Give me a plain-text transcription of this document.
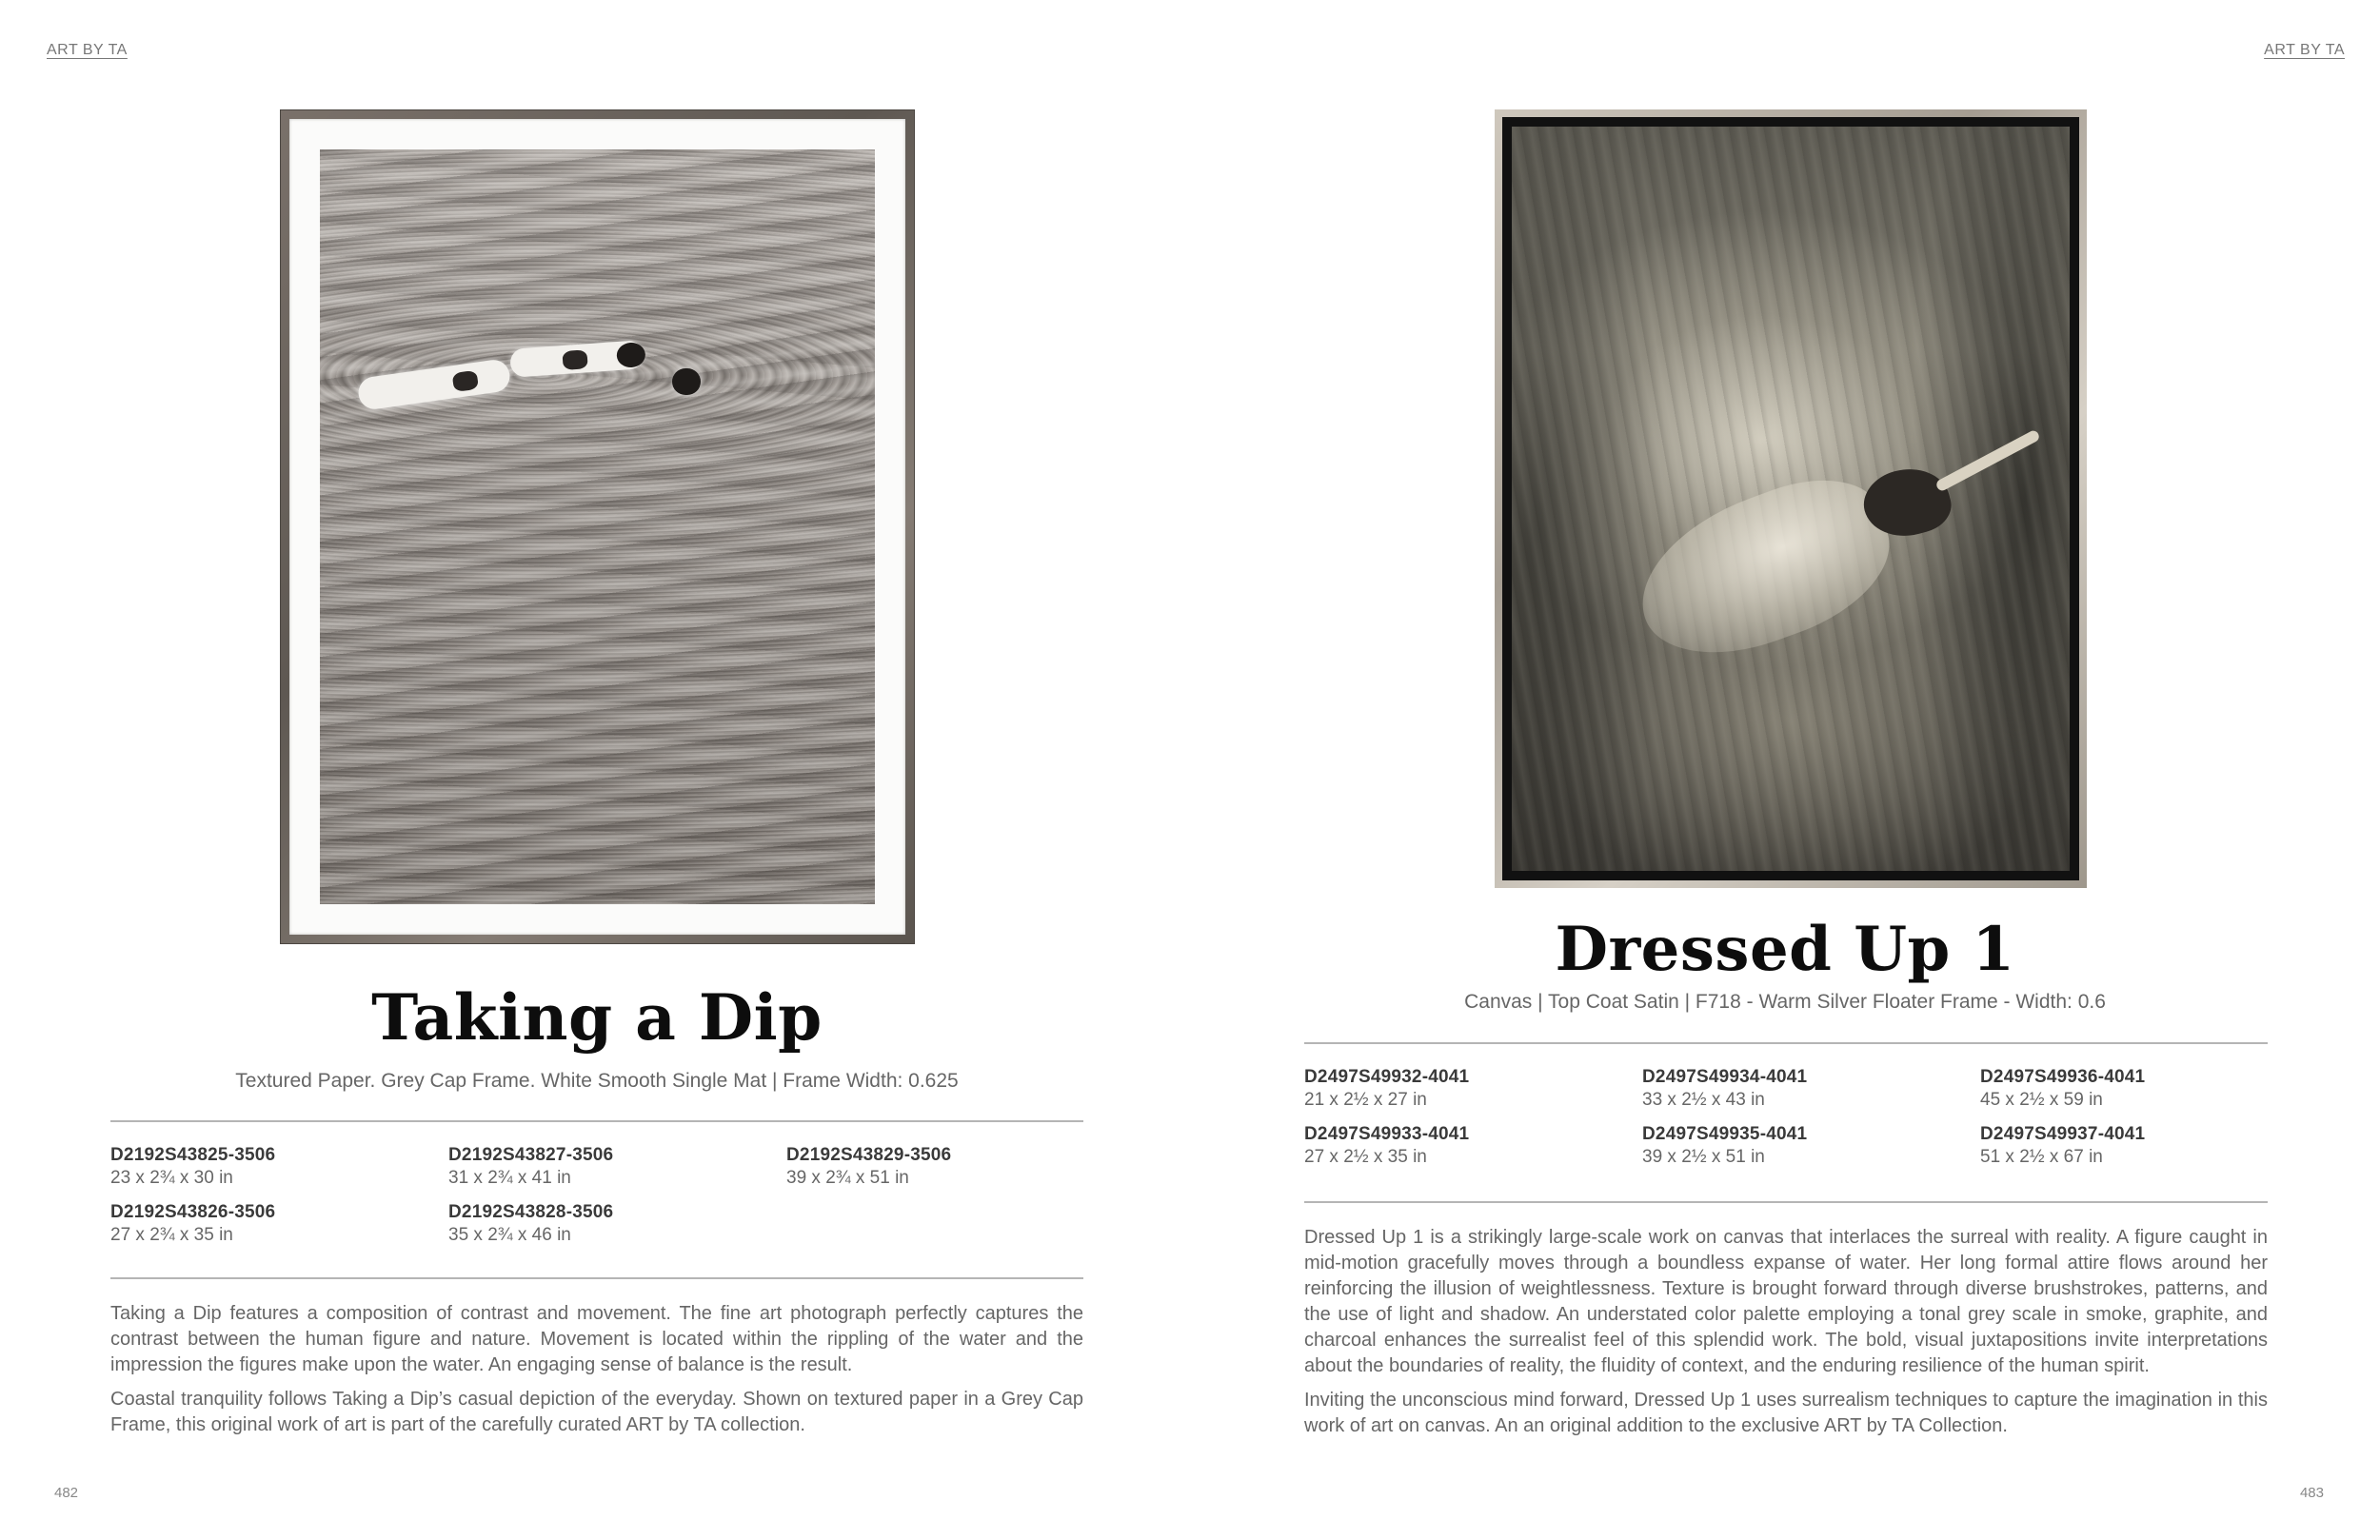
ART BY TA
Taking a Dip
Textured Paper. Grey Cap Frame. White Smooth Single Mat | Frame Width: 0.625
D2192S43825-3506
23 x 2¾ x 30 in
D2192S43827-3506
31 x 2¾ x 41 in
D2192S43829-3506
39 x 2¾ x 51 in
D2192S43826-3506
27 x 2¾ x 35 in
D2192S43828-3506
35 x 2¾ x 46 in

Taking a Dip features a composition of contrast and movement. The fine art photograph perfectly captures the contrast between the human figure and nature. Movement is located within the rippling of the water and the impression the figures make upon the water. An engaging sense of balance is the result.

Coastal tranquility follows Taking a Dip’s casual depiction of the everyday. Shown on textured paper in a Grey Cap Frame, this original work of art is part of the carefully curated ART by TA collection.

482
ART BY TA
Dressed Up 1
Canvas | Top Coat Satin | F718 - Warm Silver Floater Frame - Width: 0.6
D2497S49932-4041
21 x 2½ x 27 in
D2497S49934-4041
33 x 2½ x 43 in
D2497S49936-4041
45 x 2½ x 59 in
D2497S49933-4041
27 x 2½ x 35 in
D2497S49935-4041
39 x 2½ x 51 in
D2497S49937-4041
51 x 2½ x 67 in

Dressed Up 1 is a strikingly large-scale work on canvas that interlaces the surreal with reality. A figure caught in mid-motion gracefully moves through a boundless expanse of water. Her long formal attire flows around her reinforcing the illusion of weightlessness. Texture is brought forward through diverse brushstrokes, patterns, and the use of light and shadow. An understated color palette employing a tonal grey scale in smoke, graphite, and charcoal enhances the surrealist feel of this splendid work. The bold, visual juxtapositions invite interpretations about the boundaries of reality, the fluidity of context, and the enduring resilience of the human spirit.

Inviting the unconscious mind forward, Dressed Up 1 uses surrealism techniques to capture the imagination in this work of art on canvas. An an original addition to the exclusive ART by TA Collection.

483
